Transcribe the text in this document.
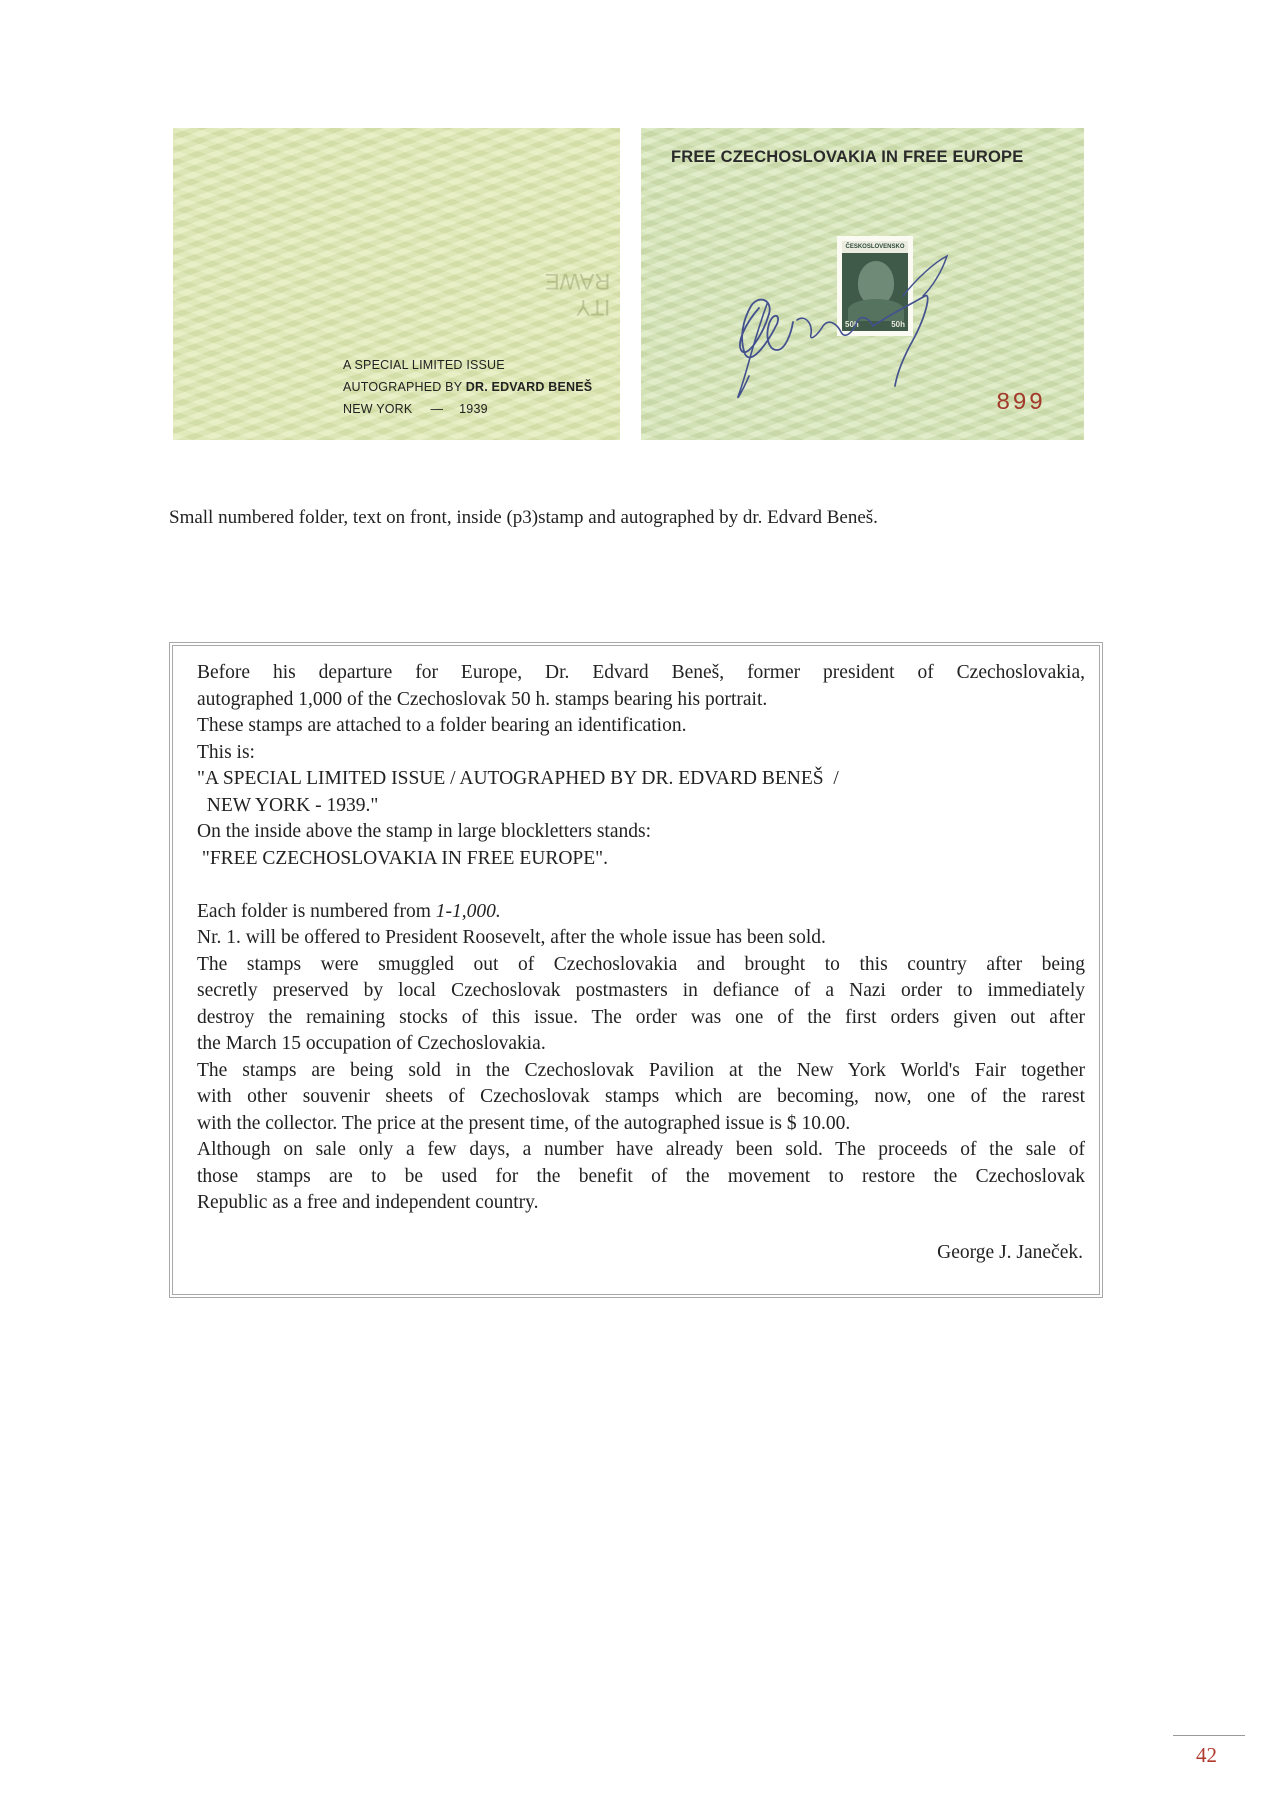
ITY
RAWE
A SPECIAL LIMITED ISSUE
AUTOGRAPHED BY DR. EDVARD BENEŠ
NEW YORK — 1939
FREE CZECHOSLOVAKIA IN FREE EUROPE
ČESKOSLOVENSKO
50h	50h
899
Small numbered folder, text on front, inside (p3)stamp and autographed by dr. Edvard Beneš.

Before his departure for Europe, Dr. Edvard Beneš, former president of Czechoslovakia,

autographed 1,000 of the Czechoslovak 50 h. stamps bearing his portrait.

These stamps are attached to a folder bearing an identification.

This is:

"A SPECIAL LIMITED ISSUE / AUTOGRAPHED BY DR. EDVARD BENEŠ  /

NEW YORK - 1939."

On the inside above the stamp in large blockletters stands:

"FREE CZECHOSLOVAKIA IN FREE EUROPE".

Each folder is numbered from 1-1,000.

Nr. 1. will be offered to President Roosevelt, after the whole issue has been sold.

The stamps were smuggled out of Czechoslovakia and brought to this country after being

secretly preserved by local Czechoslovak postmasters in defiance of a Nazi order to immediately

destroy the remaining stocks of this issue. The order was one of the first orders given out after

the March 15 occupation of Czechoslovakia.

The stamps are being sold in the Czechoslovak Pavilion at the New York World's Fair together

with other souvenir sheets of Czechoslovak stamps which are becoming, now, one of the rarest

with the collector. The price at the present time, of the autographed issue is $ 10.00.

Although on sale only a few days, a number have already been sold. The proceeds of the sale of

those stamps are to be used for the benefit of the movement to restore the Czechoslovak

Republic as a free and independent country.

George J. Janeček.
42
